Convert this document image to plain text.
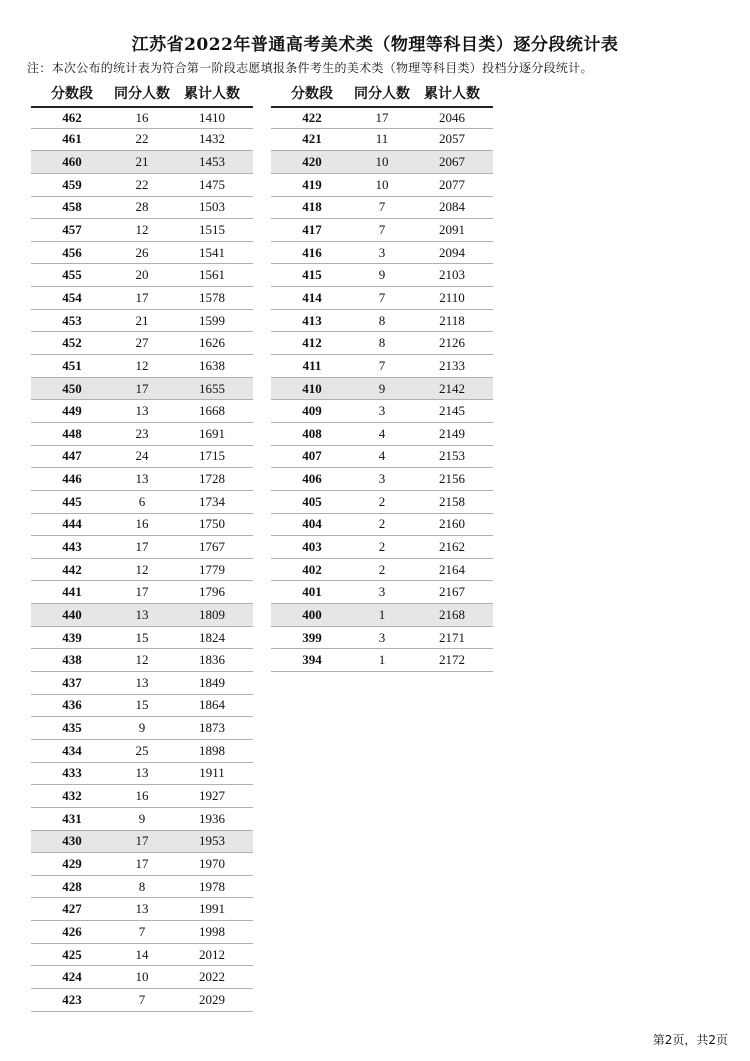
江苏省2022年普通高考美术类（物理等科目类）逐分段统计表
注：本次公布的统计表为符合第一阶段志愿填报条件考生的美术类（物理等科目类）投档分逐分段统计。
分数段	同分人数	累计人数
462	16	1410
461	22	1432
460	21	1453
459	22	1475
458	28	1503
457	12	1515
456	26	1541
455	20	1561
454	17	1578
453	21	1599
452	27	1626
451	12	1638
450	17	1655
449	13	1668
448	23	1691
447	24	1715
446	13	1728
445	6	1734
444	16	1750
443	17	1767
442	12	1779
441	17	1796
440	13	1809
439	15	1824
438	12	1836
437	13	1849
436	15	1864
435	9	1873
434	25	1898
433	13	1911
432	16	1927
431	9	1936
430	17	1953
429	17	1970
428	8	1978
427	13	1991
426	7	1998
425	14	2012
424	10	2022
423	7	2029
分数段	同分人数	累计人数
422	17	2046
421	11	2057
420	10	2067
419	10	2077
418	7	2084
417	7	2091
416	3	2094
415	9	2103
414	7	2110
413	8	2118
412	8	2126
411	7	2133
410	9	2142
409	3	2145
408	4	2149
407	4	2153
406	3	2156
405	2	2158
404	2	2160
403	2	2162
402	2	2164
401	3	2167
400	1	2168
399	3	2171
394	1	2172
第2页，共2页
